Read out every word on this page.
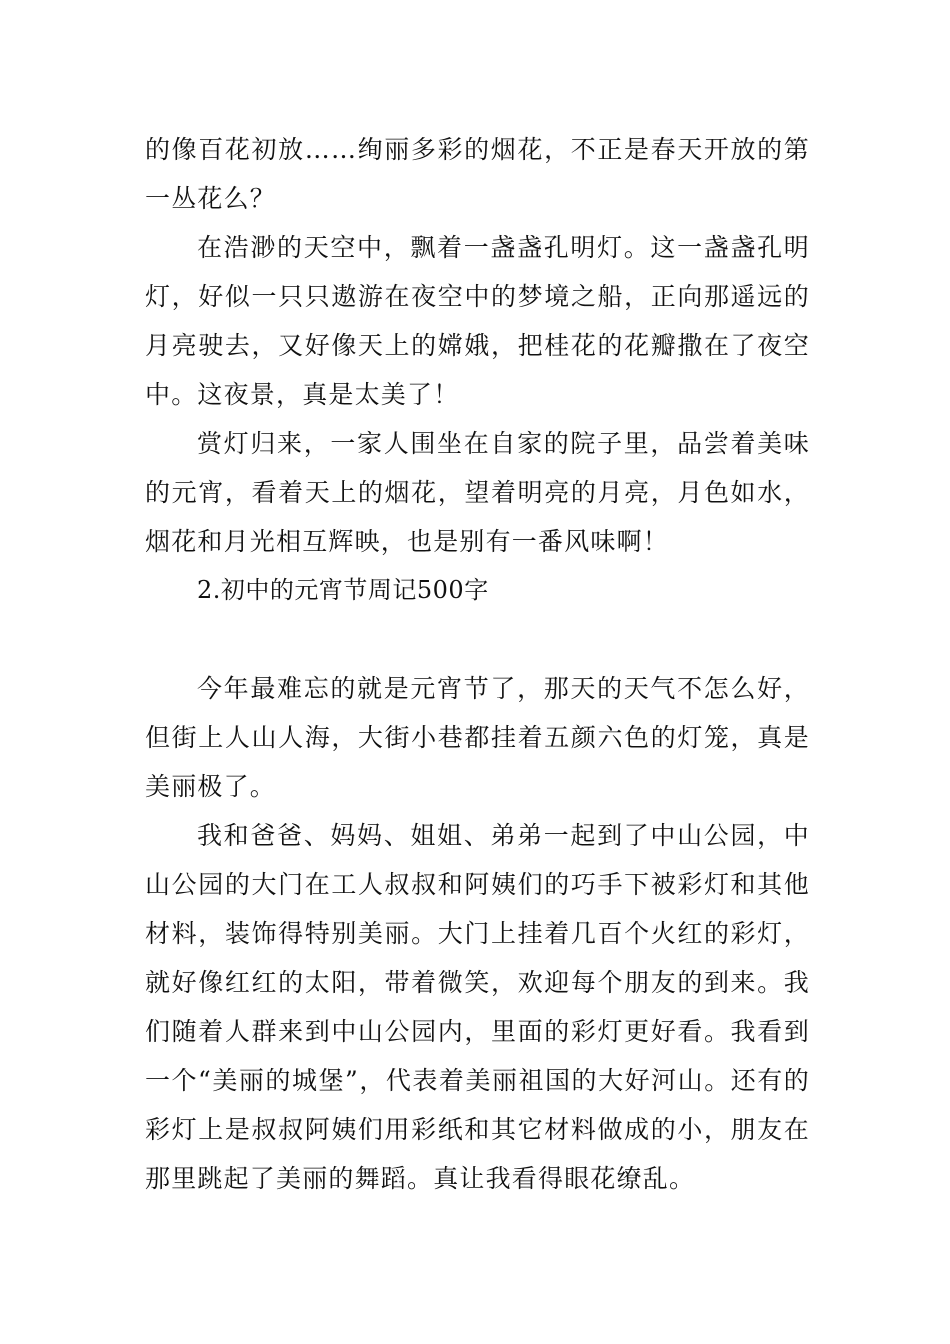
的像百花初放……绚丽多彩的烟花，不正是春天开放的第一丛花么？

在浩渺的天空中，飘着一盏盏孔明灯。这一盏盏孔明灯，好似一只只遨游在夜空中的梦境之船，正向那遥远的月亮驶去，又好像天上的嫦娥，把桂花的花瓣撒在了夜空中。这夜景，真是太美了！

赏灯归来，一家人围坐在自家的院子里，品尝着美味的元宵，看着天上的烟花，望着明亮的月亮，月色如水，烟花和月光相互辉映，也是别有一番风味啊！

2.初中的元宵节周记500字

今年最难忘的就是元宵节了，那天的天气不怎么好，但街上人山人海，大街小巷都挂着五颜六色的灯笼，真是美丽极了。

我和爸爸、妈妈、姐姐、弟弟一起到了中山公园，中山公园的大门在工人叔叔和阿姨们的巧手下被彩灯和其他材料，装饰得特别美丽。大门上挂着几百个火红的彩灯，就好像红红的太阳，带着微笑，欢迎每个朋友的到来。我们随着人群来到中山公园内，里面的彩灯更好看。我看到一个“美丽的城堡”，代表着美丽祖国的大好河山。还有的彩灯上是叔叔阿姨们用彩纸和其它材料做成的小，朋友在那里跳起了美丽的舞蹈。真让我看得眼花缭乱。
